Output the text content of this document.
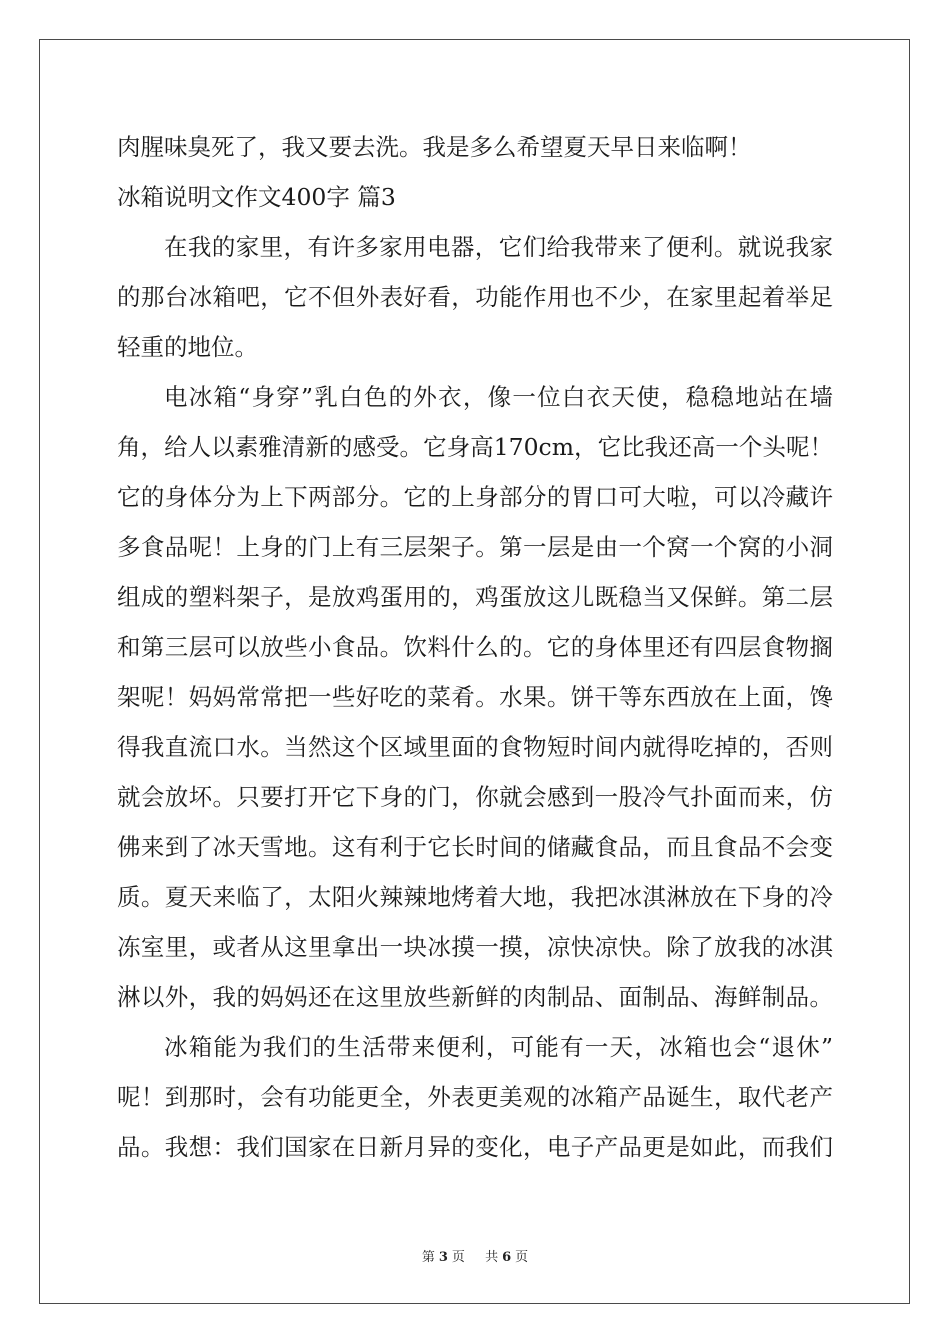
肉腥味臭死了，我又要去洗。我是多么希望夏天早日来临啊！
冰箱说明文作文400字 篇3
在我的家里，有许多家用电器，它们给我带来了便利。就说我家
的那台冰箱吧，它不但外表好看，功能作用也不少，在家里起着举足
轻重的地位。
电冰箱“身穿”乳白色的外衣，像一位白衣天使，稳稳地站在墙
角，给人以素雅清新的感受。它身高170cm，它比我还高一个头呢！
它的身体分为上下两部分。它的上身部分的胃口可大啦，可以冷藏许
多食品呢！上身的门上有三层架子。第一层是由一个窝一个窝的小洞
组成的塑料架子，是放鸡蛋用的，鸡蛋放这儿既稳当又保鲜。第二层
和第三层可以放些小食品。饮料什么的。它的身体里还有四层食物搁
架呢！妈妈常常把一些好吃的菜肴。水果。饼干等东西放在上面，馋
得我直流口水。当然这个区域里面的食物短时间内就得吃掉的，否则
就会放坏。只要打开它下身的门，你就会感到一股冷气扑面而来，仿
佛来到了冰天雪地。这有利于它长时间的储藏食品，而且食品不会变
质。夏天来临了，太阳火辣辣地烤着大地，我把冰淇淋放在下身的冷
冻室里，或者从这里拿出一块冰摸一摸，凉快凉快。除了放我的冰淇
淋以外，我的妈妈还在这里放些新鲜的肉制品、面制品、海鲜制品。
冰箱能为我们的生活带来便利，可能有一天，冰箱也会“退休”
呢！到那时，会有功能更全，外表更美观的冰箱产品诞生，取代老产
品。我想：我们国家在日新月异的变化，电子产品更是如此，而我们
第 3 页 共 6 页
